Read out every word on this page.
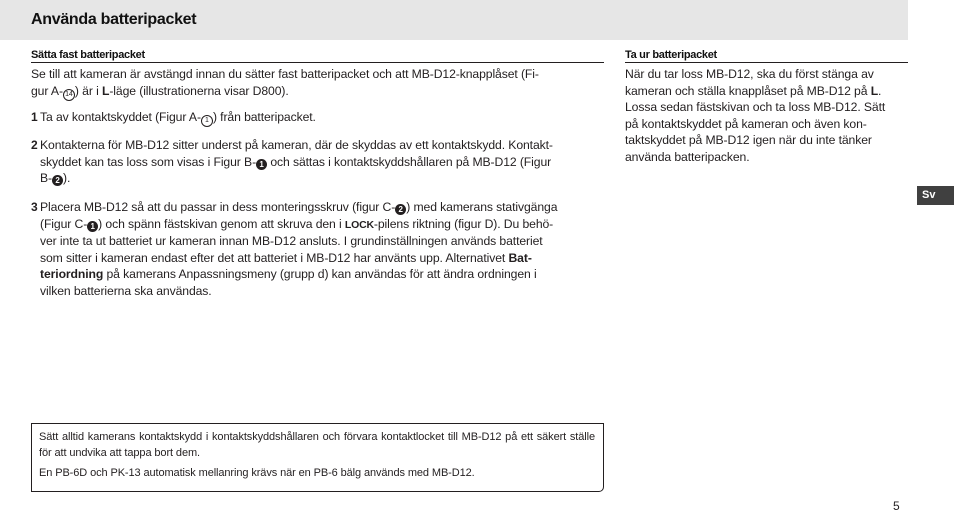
Använda batteripacket
Sätta fast batteripacket
Se till att kameran är avstängd innan du sätter fast batteripacket och att MB-D12-knapplåset (Fi-
gur A- 14 ) är i L-läge (illustrationerna visar D800).
1 Ta av kontaktskyddet (Figur A- 1 ) från batteripacket.
2 Kontakterna för MB-D12 sitter underst på kameran, där de skyddas av ett kontaktskydd. Kontakt-
skyddet kan tas loss som visas i Figur B- 1 och sättas i kontaktskyddshållaren på MB-D12 (Figur
B- 2 ).
3 Placera MB-D12 så att du passar in dess monteringsskruv (figur C- 2 ) med kamerans stativgänga
(Figur C- 1 ) och spänn fästskivan genom att skruva den i LOCK-pilens riktning (figur D). Du behö-
ver inte ta ut batteriet ur kameran innan MB-D12 ansluts. I grundinställningen används batteriet
som sitter i kameran endast efter det att batteriet i MB-D12 har använts upp. Alternativet Bat-
teriordning på kamerans Anpassningsmeny (grupp d) kan användas för att ändra ordningen i
vilken batterierna ska användas.

Sätt alltid kamerans kontaktskydd i kontaktskyddshållaren och förvara kontaktlocket till MB-D12 på ett säkert ställe för att undvika att tappa bort dem.

En PB-6D och PK-13 automatisk mellanring krävs när en PB-6 bälg används med MB-D12.

Ta ur batteripacket
När du tar loss MB-D12, ska du först stänga av
kameran och ställa knapplåset på MB-D12 på L.
Lossa sedan fästskivan och ta loss MB-D12. Sätt
på kontaktskyddet på kameran och även kon-
taktskyddet på MB-D12 igen när du inte tänker
använda batteripacken.
Sv
5
